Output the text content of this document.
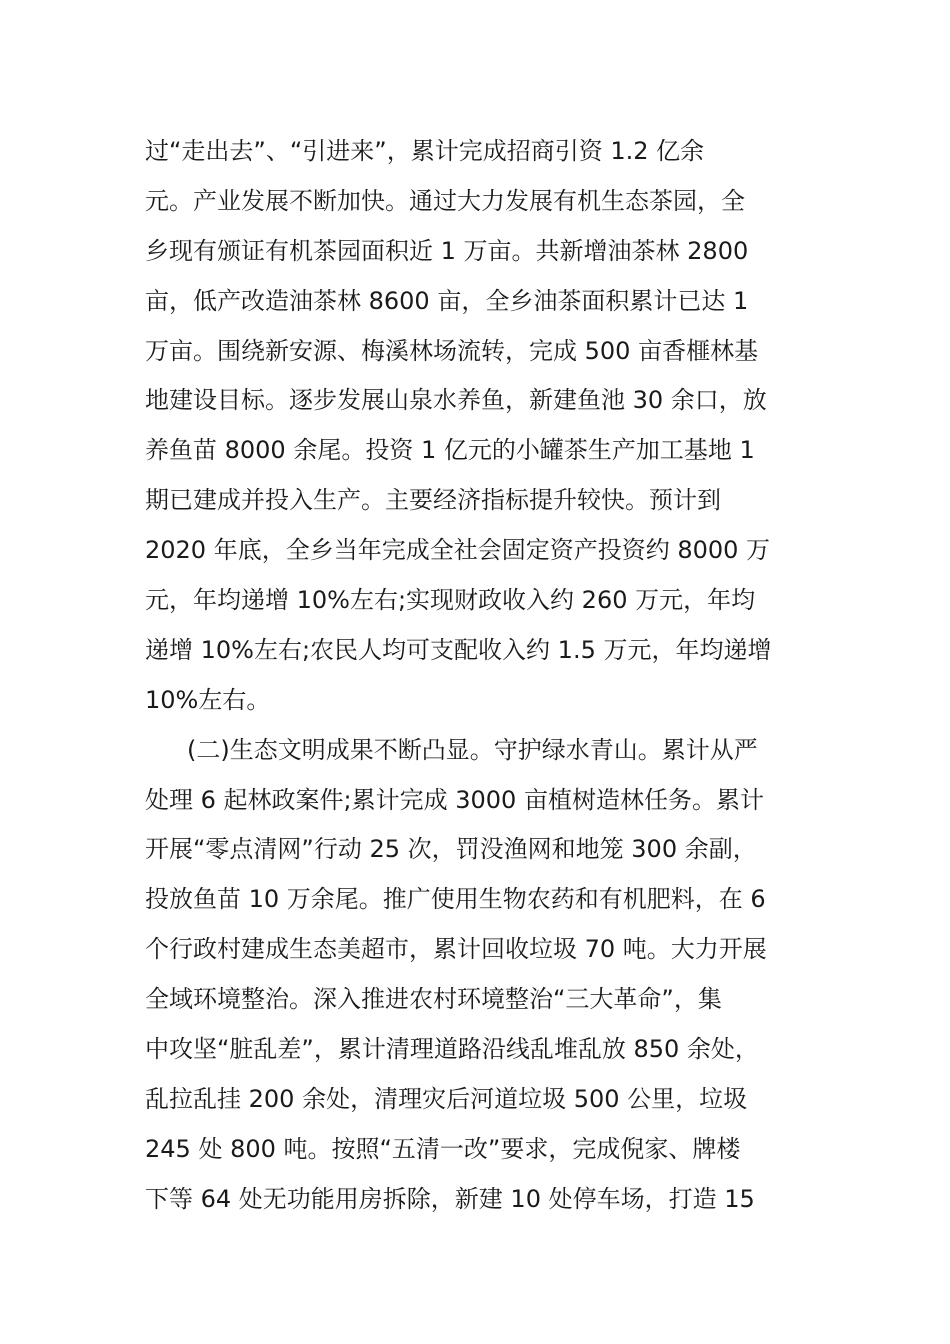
过“走出去”、“引进来”，累计完成招商引资 1.2 亿余

元。产业发展不断加快。通过大力发展有机生态茶园，全

乡现有颁证有机茶园面积近 1 万亩。共新增油茶林 2800

亩，低产改造油茶林 8600 亩，全乡油茶面积累计已达 1

万亩。围绕新安源、梅溪林场流转，完成 500 亩香榧林基

地建设目标。逐步发展山泉水养鱼，新建鱼池 30 余口，放

养鱼苗 8000 余尾。投资 1 亿元的小罐茶生产加工基地 1

期已建成并投入生产。主要经济指标提升较快。预计到

2020 年底，全乡当年完成全社会固定资产投资约 8000 万

元，年均递增 10%左右;实现财政收入约 260 万元，年均

递增 10%左右;农民人均可支配收入约 1.5 万元，年均递增

10%左右。

(二)生态文明成果不断凸显。守护绿水青山。累计从严

处理 6 起林政案件;累计完成 3000 亩植树造林任务。累计

开展“零点清网”行动 25 次，罚没渔网和地笼 300 余副，

投放鱼苗 10 万余尾。推广使用生物农药和有机肥料，在 6

个行政村建成生态美超市，累计回收垃圾 70 吨。大力开展

全域环境整治。深入推进农村环境整治“三大革命”，集

中攻坚“脏乱差”，累计清理道路沿线乱堆乱放 850 余处，

乱拉乱挂 200 余处，清理灾后河道垃圾 500 公里，垃圾

245 处 800 吨。按照“五清一改”要求，完成倪家、牌楼

下等 64 处无功能用房拆除，新建 10 处停车场，打造 15
